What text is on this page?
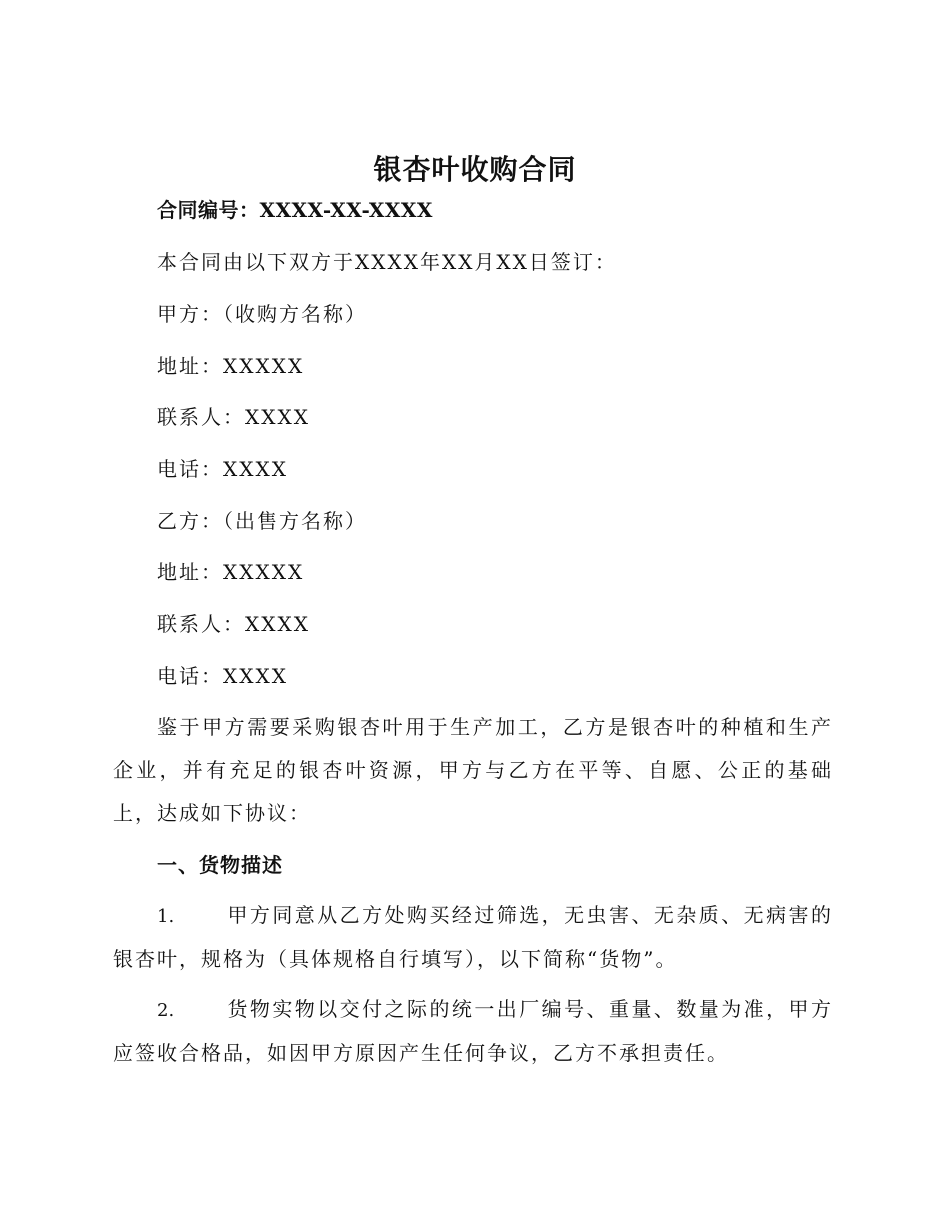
银杏叶收购合同

合同编号：XXXX-XX-XXXX

本合同由以下双方于XXXX年XX月XX日签订：

甲方：（收购方名称）

地址：XXXXX

联系人：XXXX

电话：XXXX

乙方：（出售方名称）

地址：XXXXX

联系人：XXXX

电话：XXXX

鉴于甲方需要采购银杏叶用于生产加工，乙方是银杏叶的种植和生产企业，并有充足的银杏叶资源，甲方与乙方在平等、自愿、公正的基础上，达成如下协议：

一、货物描述

1.	甲方同意从乙方处购买经过筛选，无虫害、无杂质、无病害的银杏叶，规格为（具体规格自行填写），以下简称“货物”。

2.	货物实物以交付之际的统一出厂编号、重量、数量为准，甲方应签收合格品，如因甲方原因产生任何争议，乙方不承担责任。
